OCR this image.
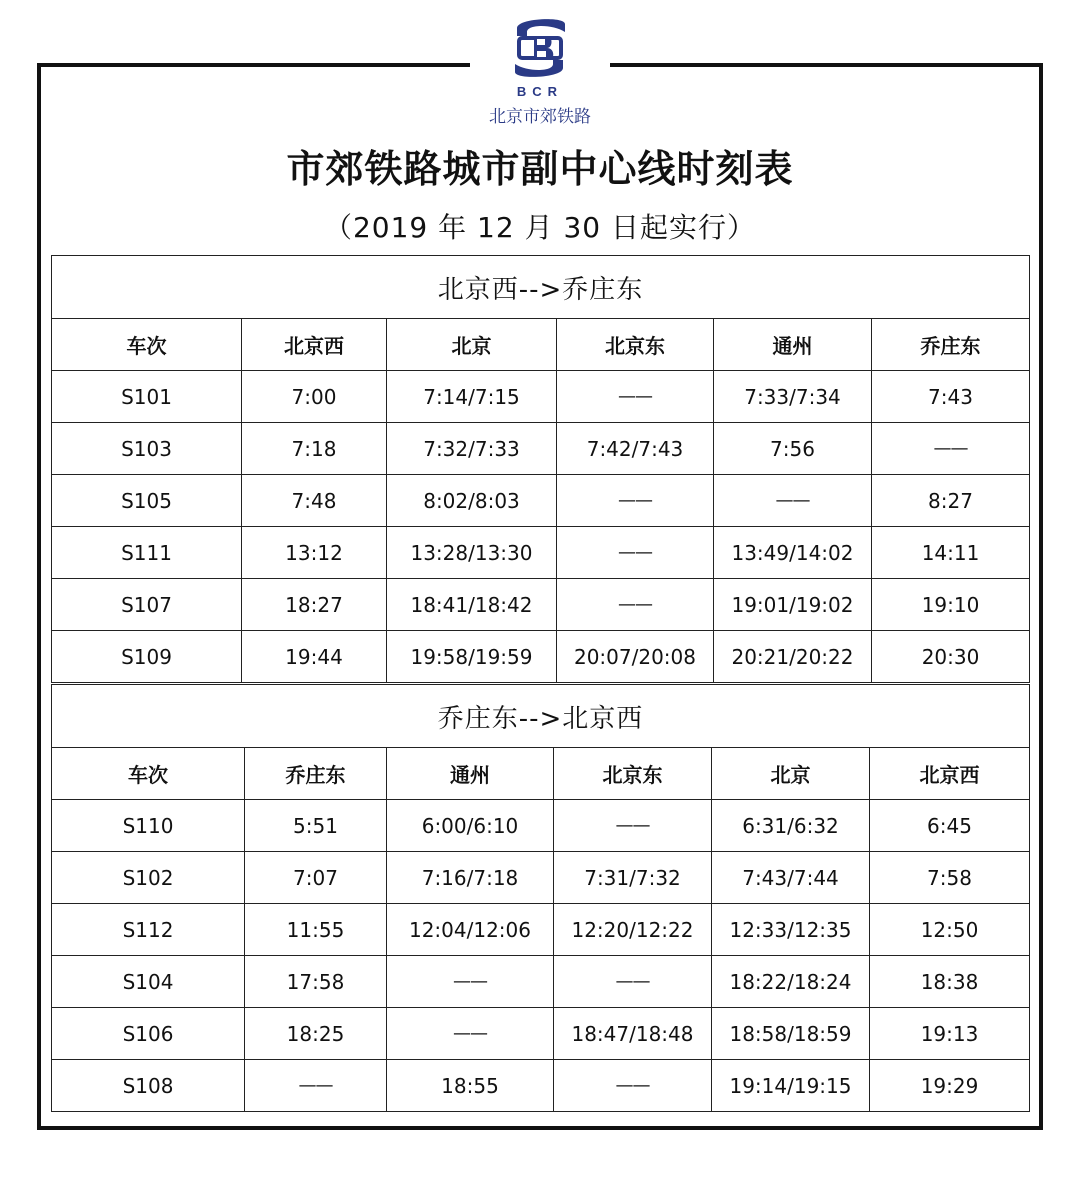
BCR
北京市郊铁路
市郊铁路城市副中心线时刻表
（2019 年 12 月 30 日起实行）
北京西-->乔庄东					
车次	北京西	北京	北京东	通州	乔庄东
S101	7:00	7:14/7:15	——	7:33/7:34	7:43
S103	7:18	7:32/7:33	7:42/7:43	7:56	——
S105	7:48	8:02/8:03	——	——	8:27
S111	13:12	13:28/13:30	——	13:49/14:02	14:11
S107	18:27	18:41/18:42	——	19:01/19:02	19:10
S109	19:44	19:58/19:59	20:07/20:08	20:21/20:22	20:30
乔庄东-->北京西					
车次	乔庄东	通州	北京东	北京	北京西
S110	5:51	6:00/6:10	——	6:31/6:32	6:45
S102	7:07	7:16/7:18	7:31/7:32	7:43/7:44	7:58
S112	11:55	12:04/12:06	12:20/12:22	12:33/12:35	12:50
S104	17:58	——	——	18:22/18:24	18:38
S106	18:25	——	18:47/18:48	18:58/18:59	19:13
S108	——	18:55	——	19:14/19:15	19:29
